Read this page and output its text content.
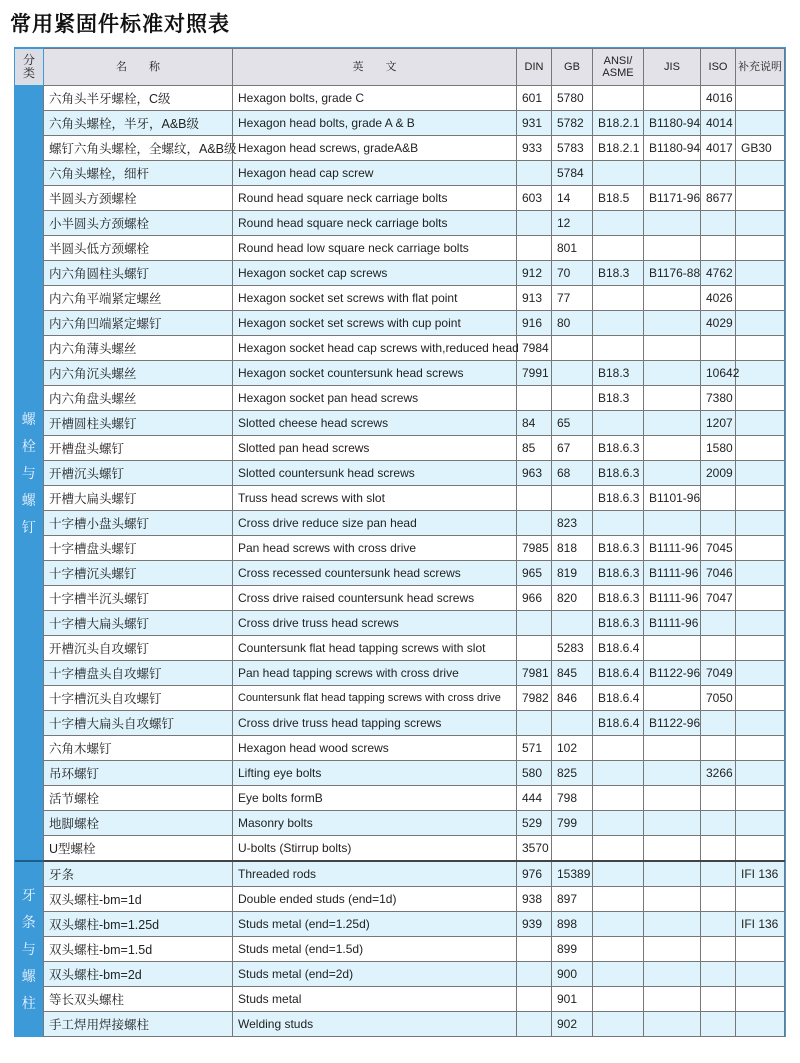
常用紧固件标准对照表
分类	名　　称	英　　文	DIN	GB	ANSI/ ASME	JIS	ISO	补充说明
螺栓与螺钉	六角头半牙螺栓，C级	Hexagon bolts, grade C	601	5780			4016	
	六角头螺栓，半牙，A&B级	Hexagon head bolts, grade A & B	931	5782	B18.2.1	B1180-94	4014	
	螺钉六角头螺栓，全螺纹，A&B级	Hexagon head screws, gradeA&B	933	5783	B18.2.1	B1180-94	4017	GB30
	六角头螺栓，细杆	Hexagon head cap screw		5784				
	半圆头方颈螺栓	Round head square neck carriage bolts	603	14	B18.5	B1171-96	8677	
	小半圆头方颈螺栓	Round head square neck carriage bolts		12				
	半圆头低方颈螺栓	Round head low square neck carriage bolts		801				
	内六角圆柱头螺钉	Hexagon socket cap screws	912	70	B18.3	B1176-88	4762	
	内六角平端紧定螺丝	Hexagon socket set screws with flat point	913	77			4026	
	内六角凹端紧定螺钉	Hexagon socket set screws with cup point	916	80			4029	
	内六角薄头螺丝	Hexagon socket head cap screws with,reduced head	7984					
	内六角沉头螺丝	Hexagon socket countersunk head screws	7991		B18.3		10642	
	内六角盘头螺丝	Hexagon socket pan head screws			B18.3		7380	
	开槽圆柱头螺钉	Slotted cheese head screws	84	65			1207	
	开槽盘头螺钉	Slotted pan head screws	85	67	B18.6.3		1580	
	开槽沉头螺钉	Slotted countersunk head screws	963	68	B18.6.3		2009	
	开槽大扁头螺钉	Truss head screws with slot			B18.6.3	B1101-96		
	十字槽小盘头螺钉	Cross drive reduce size pan head		823				
	十字槽盘头螺钉	Pan head screws with cross drive	7985	818	B18.6.3	B1111-96	7045	
	十字槽沉头螺钉	Cross recessed countersunk head screws	965	819	B18.6.3	B1111-96	7046	
	十字槽半沉头螺钉	Cross drive raised countersunk head screws	966	820	B18.6.3	B1111-96	7047	
	十字槽大扁头螺钉	Cross drive truss head screws			B18.6.3	B1111-96		
	开槽沉头自攻螺钉	Countersunk flat head tapping screws with slot		5283	B18.6.4			
	十字槽盘头自攻螺钉	Pan head tapping screws with cross drive	7981	845	B18.6.4	B1122-96	7049	
	十字槽沉头自攻螺钉	Countersunk flat head tapping screws with cross drive	7982	846	B18.6.4		7050	
	十字槽大扁头自攻螺钉	Cross drive truss head tapping screws			B18.6.4	B1122-96		
	六角木螺钉	Hexagon head wood screws	571	102				
	吊环螺钉	Lifting eye bolts	580	825			3266	
	活节螺栓	Eye bolts formB	444	798				
	地脚螺栓	Masonry bolts	529	799				
	U型螺栓	U-bolts (Stirrup bolts)	3570					
牙条与螺柱	牙条	Threaded rods	976	15389				IFI 136
	双头螺柱-bm=1d	Double ended studs (end=1d)	938	897				
	双头螺柱-bm=1.25d	Studs metal (end=1.25d)	939	898				IFI 136
	双头螺柱-bm=1.5d	Studs metal (end=1.5d)		899				
	双头螺柱-bm=2d	Studs metal (end=2d)		900				
	等长双头螺柱	Studs metal		901				
	手工焊用焊接螺柱	Welding studs		902				
